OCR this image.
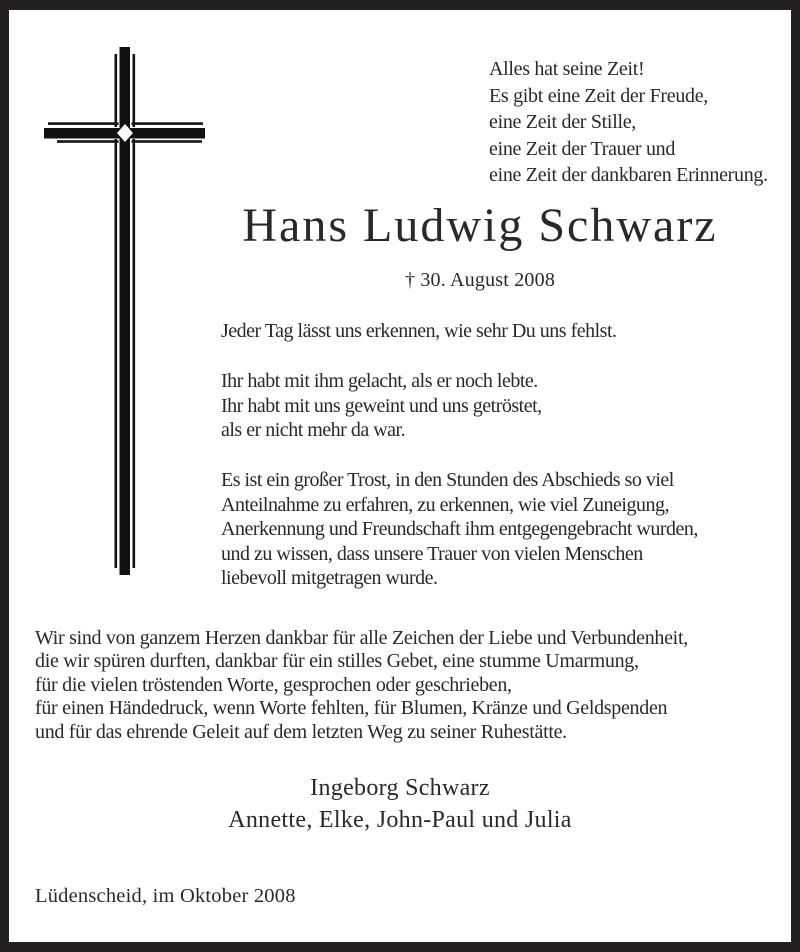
Alles hat seine Zeit!
Es gibt eine Zeit der Freude,
eine Zeit der Stille,
eine Zeit der Trauer und
eine Zeit der dankbaren Erinnerung.
Hans Ludwig Schwarz
† 30. August 2008

Jeder Tag lässt uns erkennen, wie sehr Du uns fehlst.

Ihr habt mit ihm gelacht, als er noch lebte.
Ihr habt mit uns geweint und uns getröstet,
als er nicht mehr da war.

Es ist ein großer Trost, in den Stunden des Abschieds so viel
Anteilnahme zu erfahren, zu erkennen, wie viel Zuneigung,
Anerkennung und Freundschaft ihm entgegengebracht wurden,
und zu wissen, dass unsere Trauer von vielen Menschen
liebevoll mitgetragen wurde.

Wir sind von ganzem Herzen dankbar für alle Zeichen der Liebe und Verbundenheit,
die wir spüren durften, dankbar für ein stilles Gebet, eine stumme Umarmung,
für die vielen tröstenden Worte, gesprochen oder geschrieben,
für einen Händedruck, wenn Worte fehlten, für Blumen, Kränze und Geldspenden
und für das ehrende Geleit auf dem letzten Weg zu seiner Ruhestätte.
Ingeborg Schwarz
Annette, Elke, John-Paul und Julia
Lüdenscheid, im Oktober 2008
